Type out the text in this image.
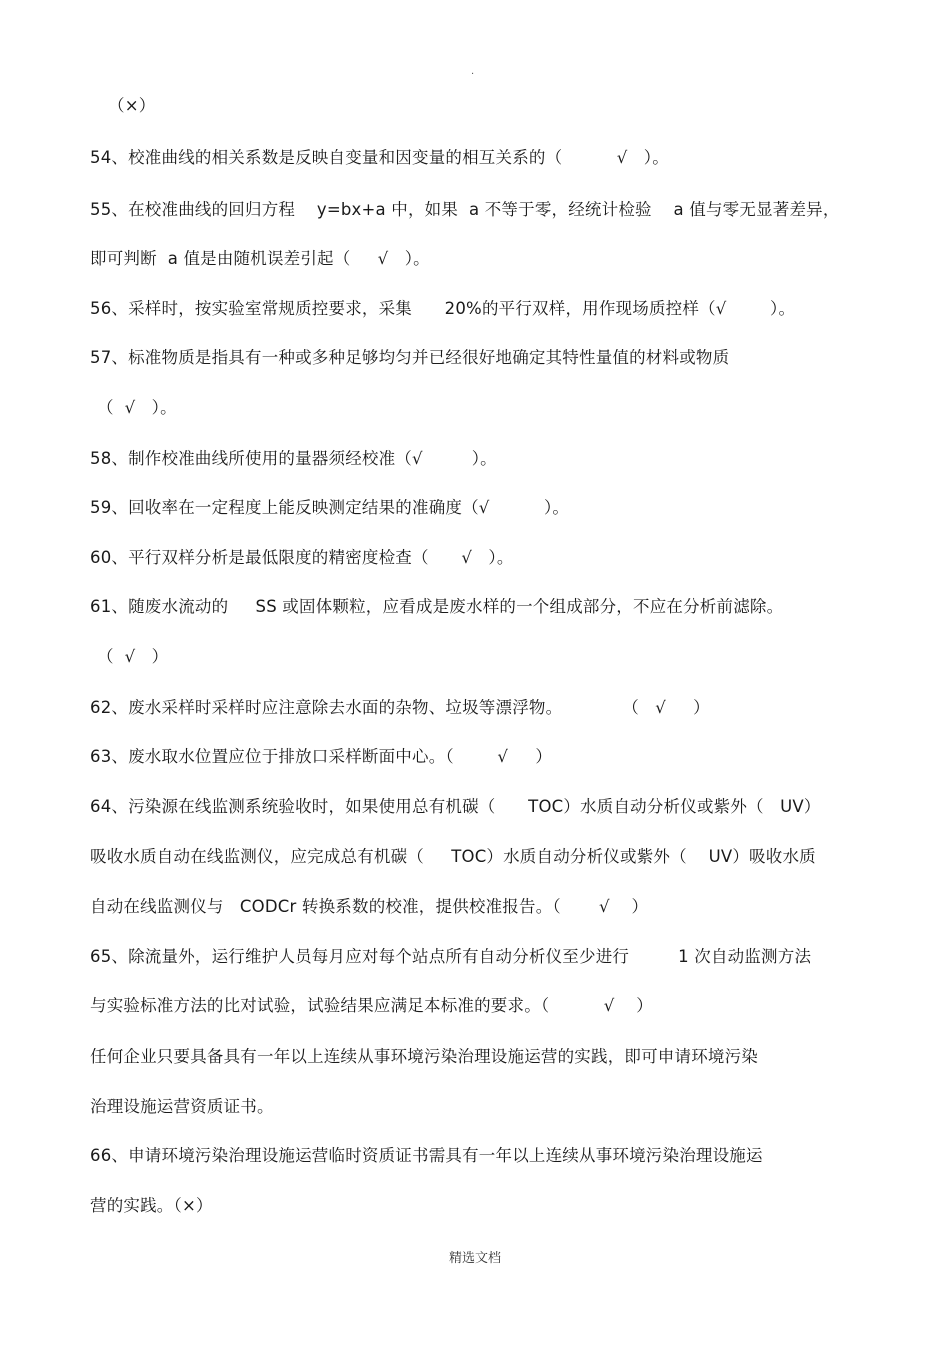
.
（×）
54、校准曲线的相关系数是反映自变量和因变量的相互关系的（          √   ）。
55、在校准曲线的回归方程    y=bx+a 中，如果  a 不等于零，经统计检验    a 值与零无显著差异，
即可判断  a 值是由随机误差引起（     √   ）。
56、采样时，按实验室常规质控要求，采集      20%的平行双样，用作现场质控样（√        ）。
57、标准物质是指具有一种或多种足够均匀并已经很好地确定其特性量值的材料或物质
（  √   ）。
58、制作校准曲线所使用的量器须经校准（√         ）。
59、回收率在一定程度上能反映测定结果的准确度（√          ）。
60、平行双样分析是最低限度的精密度检查（      √   ）。
61、随废水流动的     SS 或固体颗粒，应看成是废水样的一个组成部分，不应在分析前滤除。
（  √   ）
62、废水采样时采样时应注意除去水面的杂物、垃圾等漂浮物。           （   √     ）
63、废水取水位置应位于排放口采样断面中心。（        √     ）
64、污染源在线监测系统验收时，如果使用总有机碳（      TOC）水质自动分析仪或紫外（   UV）
吸收水质自动在线监测仪，应完成总有机碳（     TOC）水质自动分析仪或紫外（    UV）吸收水质
自动在线监测仪与   CODCr 转换系数的校准，提供校准报告。（       √    ）
65、除流量外，运行维护人员每月应对每个站点所有自动分析仪至少进行         1 次自动监测方法
与实验标准方法的比对试验，试验结果应满足本标准的要求。（          √    ）
任何企业只要具备具有一年以上连续从事环境污染治理设施运营的实践，即可申请环境污染
治理设施运营资质证书。
66、申请环境污染治理设施运营临时资质证书需具有一年以上连续从事环境污染治理设施运
营的实践。（×）
精选文档
